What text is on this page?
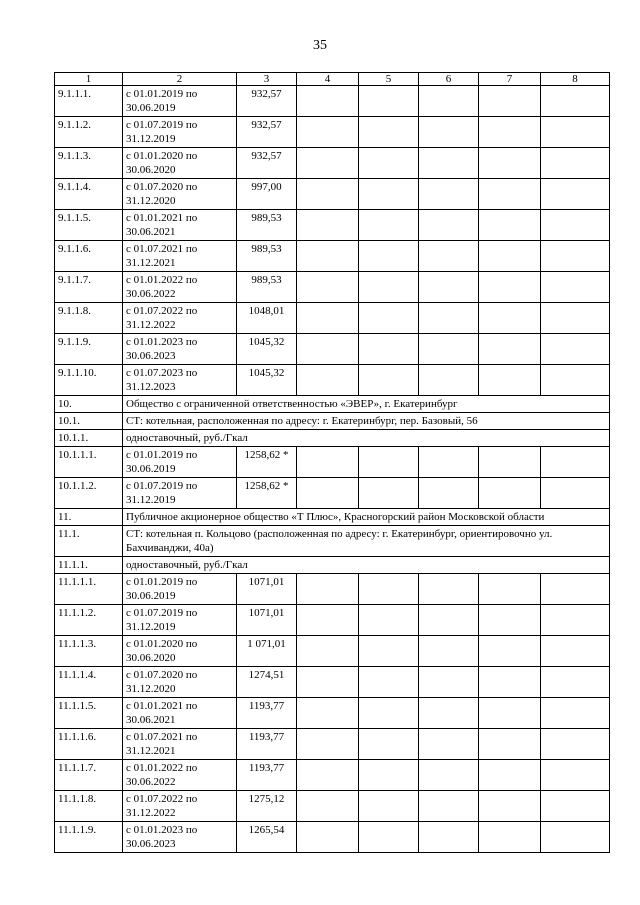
35
1	2	3	4	5	6	7	8
9.1.1.1.	с 01.01.2019 по 30.06.2019	932,57					
9.1.1.2.	с 01.07.2019 по 31.12.2019	932,57					
9.1.1.3.	с 01.01.2020 по 30.06.2020	932,57					
9.1.1.4.	с 01.07.2020 по 31.12.2020	997,00					
9.1.1.5.	с 01.01.2021 по 30.06.2021	989,53					
9.1.1.6.	с 01.07.2021 по 31.12.2021	989,53					
9.1.1.7.	с 01.01.2022 по 30.06.2022	989,53					
9.1.1.8.	с 01.07.2022 по 31.12.2022	1048,01					
9.1.1.9.	с 01.01.2023 по 30.06.2023	1045,32					
9.1.1.10.	с 01.07.2023 по 31.12.2023	1045,32					
10.	Общество с ограниченной ответственностью «ЭВЕР», г. Екатеринбург						
10.1.	СТ: котельная, расположенная по адресу: г. Екатеринбург, пер. Базовый, 56						
10.1.1.	одноставочный, руб./Гкал						
10.1.1.1.	с 01.01.2019 по 30.06.2019	1258,62 *					
10.1.1.2.	с 01.07.2019 по 31.12.2019	1258,62 *					
11.	Публичное акционерное общество «Т Плюс», Красногорский район Московской области						
11.1.	СТ: котельная п. Кольцово (расположенная по адресу: г. Екатеринбург, ориентировочно ул. Бахчиванджи, 40а)						
11.1.1.	одноставочный, руб./Гкал						
11.1.1.1.	с 01.01.2019 по 30.06.2019	1071,01					
11.1.1.2.	с 01.07.2019 по 31.12.2019	1071,01					
11.1.1.3.	с 01.01.2020 по 30.06.2020	1 071,01					
11.1.1.4.	с 01.07.2020 по 31.12.2020	1274,51					
11.1.1.5.	с 01.01.2021 по 30.06.2021	1193,77					
11.1.1.6.	с 01.07.2021 по 31.12.2021	1193,77					
11.1.1.7.	с 01.01.2022 по 30.06.2022	1193,77					
11.1.1.8.	с 01.07.2022 по 31.12.2022	1275,12					
11.1.1.9.	с 01.01.2023 по 30.06.2023	1265,54					
